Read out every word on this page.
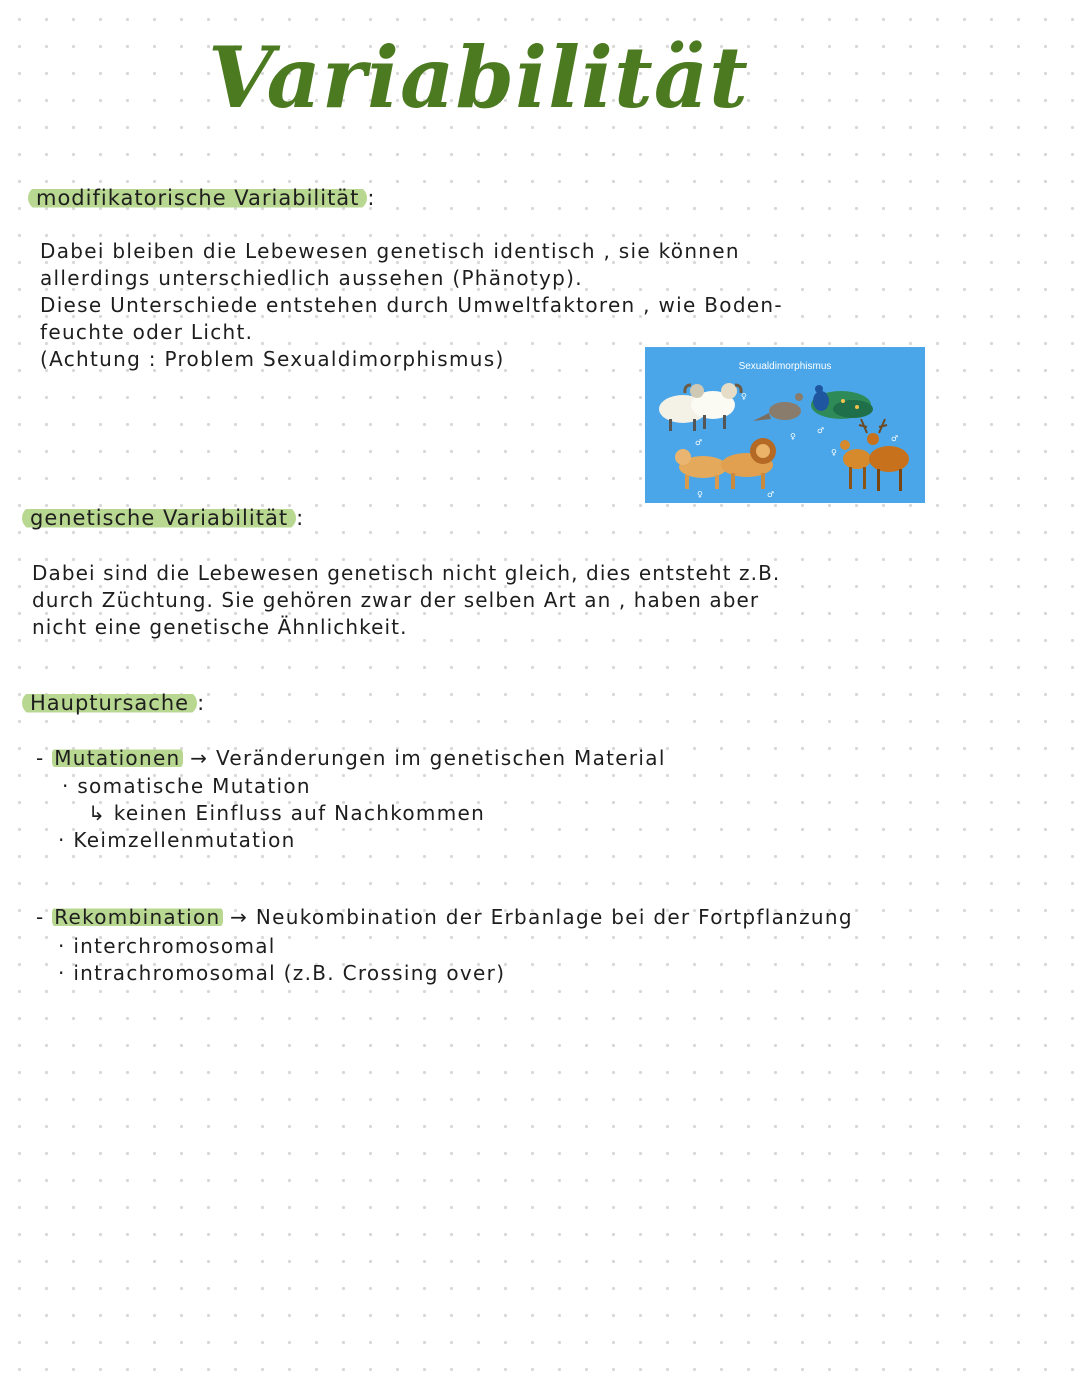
Variabilität
modifikatorische Variabilität :
Dabei bleiben die Lebewesen genetisch identisch , sie können
allerdings unterschiedlich aussehen (Phänotyp).
Diese Unterschiede entstehen durch Umweltfaktoren , wie Boden-
feuchte oder Licht.
(Achtung : Problem Sexualdimorphismus)	Sexualdimorphismus
♀
♂
♀
♂
♀	♂
♀
♂
genetische Variabilität :
Dabei sind die Lebewesen genetisch nicht gleich, dies entsteht z.B.
durch Züchtung. Sie gehören zwar der selben Art an , haben aber
nicht eine genetische Ähnlichkeit.
Hauptursache :
- Mutationen → Veränderungen im genetischen Material
· somatische Mutation
↳ keinen Einfluss auf Nachkommen
· Keimzellenmutation
- Rekombination → Neukombination der Erbanlage bei der Fortpflanzung
· interchromosomal
· intrachromosomal (z.B. Crossing over)
